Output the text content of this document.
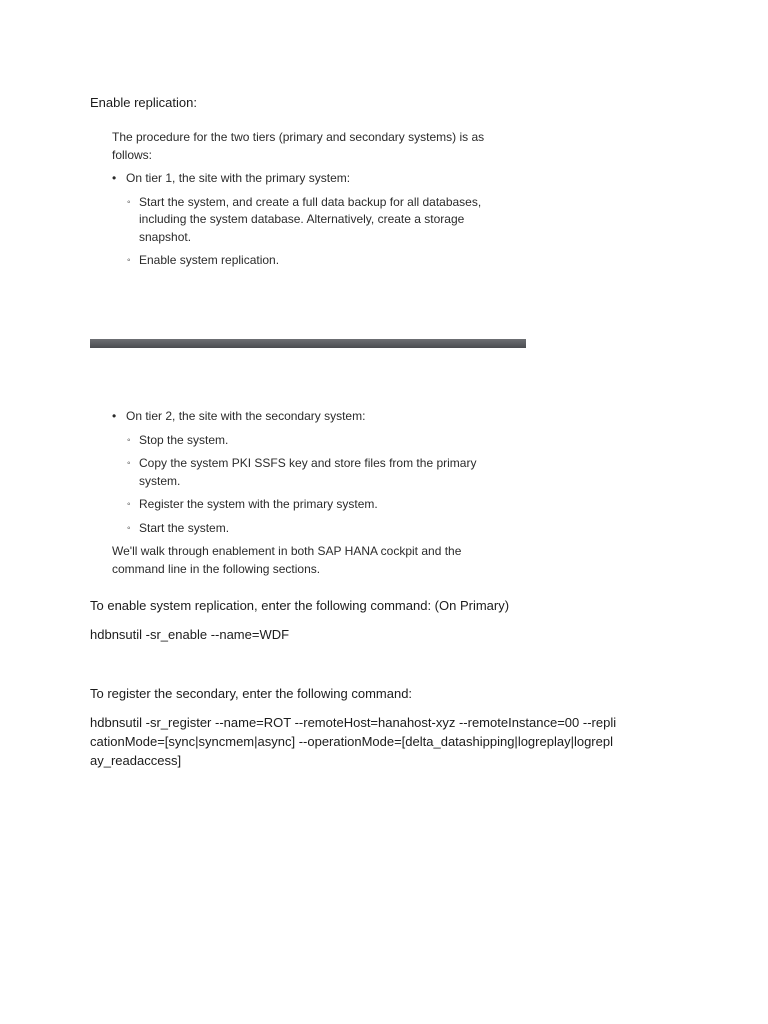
Enable replication:

The procedure for the two tiers (primary and secondary systems) is as follows:

• On tier 1, the site with the primary system:
◦ Start the system, and create a full data backup for all databases, including the system database. Alternatively, create a storage snapshot.
◦ Enable system replication.
• On tier 2, the site with the secondary system:
◦ Stop the system.
◦ Copy the system PKI SSFS key and store files from the primary system.
◦ Register the system with the primary system.
◦ Start the system.

We'll walk through enablement in both SAP HANA cockpit and the command line in the following sections.

To enable system replication, enter the following command: (On Primary)

hdbnsutil -sr_enable --name=WDF

To register the secondary, enter the following command:

hdbnsutil -sr_register --name=ROT --remoteHost=hanahost-xyz --remoteInstance=00 --replicationMode=[sync|syncmem|async] --operationMode=[delta_datashipping|logreplay|logreplay_readaccess]
